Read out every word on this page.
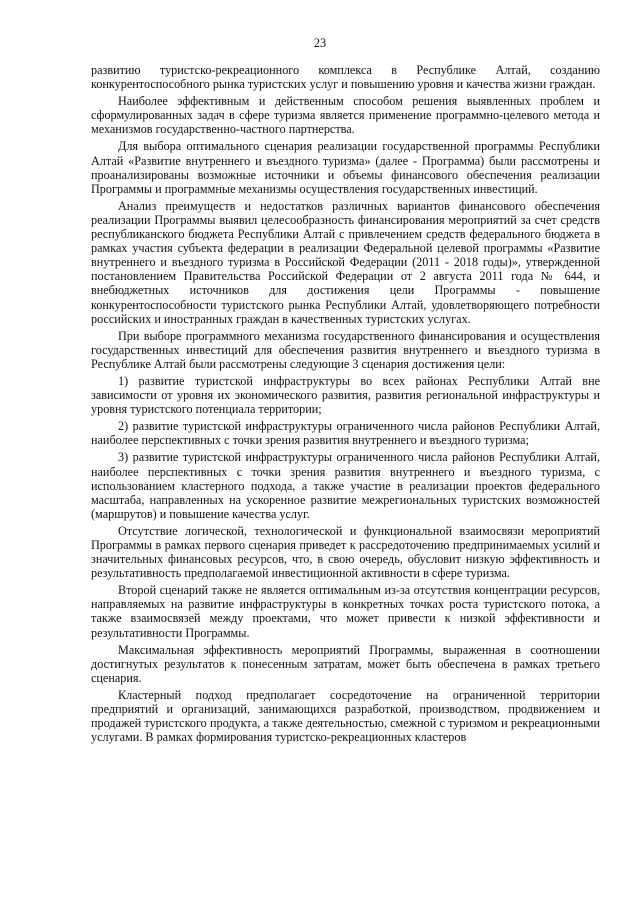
23

развитию туристско-рекреационного комплекса в Республике Алтай, созданию конкурентоспособного рынка туристских услуг и повышению уровня и качества жизни граждан.

Наиболее эффективным и действенным способом решения выявленных проблем и сформулированных задач в сфере туризма является применение программно-целевого метода и механизмов государственно-частного партнерства.

Для выбора оптимального сценария реализации государственной программы Республики Алтай «Развитие внутреннего и въездного туризма» (далее - Программа) были рассмотрены и проанализированы возможные источники и объемы финансового обеспечения реализации Программы и программные механизмы осуществления государственных инвестиций.

Анализ преимуществ и недостатков различных вариантов финансового обеспечения реализации Программы выявил целесообразность финансирования мероприятий за счет средств республиканского бюджета Республики Алтай с привлечением средств федерального бюджета в рамках участия субъекта федерации в реализации Федеральной целевой программы «Развитие внутреннего и въездного туризма в Российской Федерации (2011 - 2018 годы)», утвержденной постановлением Правительства Российской Федерации от 2 августа 2011 года № 644, и внебюджетных источников для достижения цели Программы - повышение конкурентоспособности туристского рынка Республики Алтай, удовлетворяющего потребности российских и иностранных граждан в качественных туристских услугах.

При выборе программного механизма государственного финансирования и осуществления государственных инвестиций для обеспечения развития внутреннего и въездного туризма в Республике Алтай были рассмотрены следующие 3 сценария достижения цели:

1) развитие туристской инфраструктуры во всех районах Республики Алтай вне зависимости от уровня их экономического развития, развития региональной инфраструктуры и уровня туристского потенциала территории;

2) развитие туристской инфраструктуры ограниченного числа районов Республики Алтай, наиболее перспективных с точки зрения развития внутреннего и въездного туризма;

3) развитие туристской инфраструктуры ограниченного числа районов Республики Алтай, наиболее перспективных с точки зрения развития внутреннего и въездного туризма, с использованием кластерного подхода, а также участие в реализации проектов федерального масштаба, направленных на ускоренное развитие межрегиональных туристских возможностей (маршрутов) и повышение качества услуг.

Отсутствие логической, технологической и функциональной взаимосвязи мероприятий Программы в рамках первого сценария приведет к рассредоточению предпринимаемых усилий и значительных финансовых ресурсов, что, в свою очередь, обусловит низкую эффективность и результативность предполагаемой инвестиционной активности в сфере туризма.

Второй сценарий также не является оптимальным из-за отсутствия концентрации ресурсов, направляемых на развитие инфраструктуры в конкретных точках роста туристского потока, а также взаимосвязей между проектами, что может привести к низкой эффективности и результативности Программы.

Максимальная эффективность мероприятий Программы, выраженная в соотношении достигнутых результатов к понесенным затратам, может быть обеспечена в рамках третьего сценария.

Кластерный подход предполагает сосредоточение на ограниченной территории предприятий и организаций, занимающихся разработкой, производством, продвижением и продажей туристского продукта, а также деятельностью, смежной с туризмом и рекреационными услугами. В рамках формирования туристско-рекреационных кластеров
